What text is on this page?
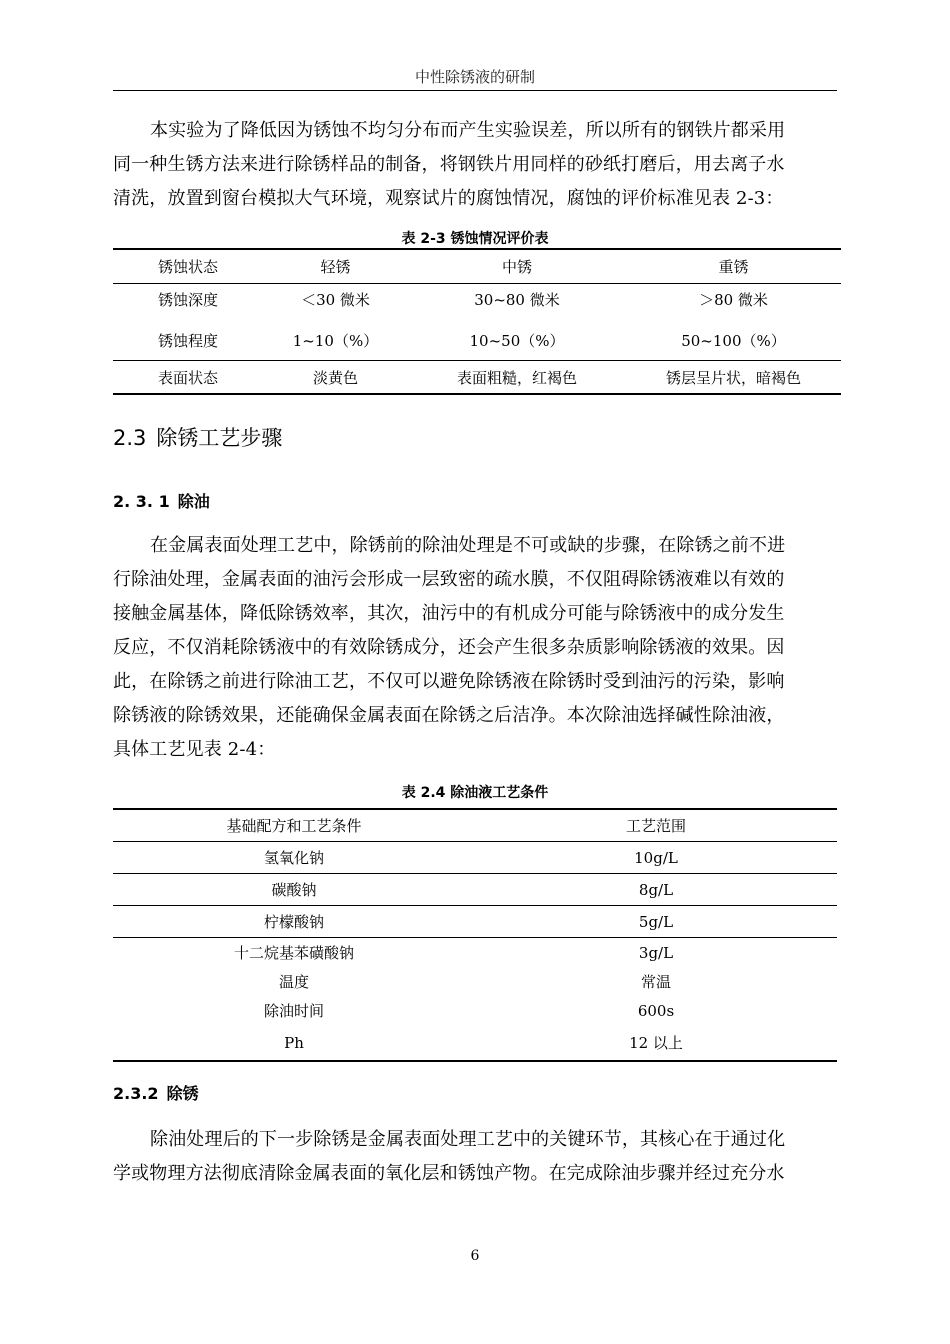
中性除锈液的研制

本实验为了降低因为锈蚀不均匀分布而产生实验误差，所以所有的钢铁片都采用
同一种生锈方法来进行除锈样品的制备，将钢铁片用同样的砂纸打磨后，用去离子水
清洗，放置到窗台模拟大气环境，观察试片的腐蚀情况，腐蚀的评价标准见表 2-3：

表 2-3 锈蚀情况评价表
锈蚀状态	轻锈	中锈	重锈
锈蚀深度	＜30 微米	30~80 微米	＞80 微米
锈蚀程度	1~10（%）	10~50（%）	50~100（%）
表面状态	淡黄色	表面粗糙，红褐色	锈层呈片状，暗褐色
2.3 除锈工艺步骤
2. 3. 1 除油

在金属表面处理工艺中，除锈前的除油处理是不可或缺的步骤，在除锈之前不进
行除油处理，金属表面的油污会形成一层致密的疏水膜，不仅阻碍除锈液难以有效的
接触金属基体，降低除锈效率，其次，油污中的有机成分可能与除锈液中的成分发生
反应，不仅消耗除锈液中的有效除锈成分，还会产生很多杂质影响除锈液的效果。因
此，在除锈之前进行除油工艺，不仅可以避免除锈液在除锈时受到油污的污染，影响
除锈液的除锈效果，还能确保金属表面在除锈之后洁净。本次除油选择碱性除油液，
具体工艺见表 2-4：

表 2.4 除油液工艺条件
基础配方和工艺条件	工艺范围
氢氧化钠	10g/L
碳酸钠	8g/L
柠檬酸钠	5g/L
十二烷基苯磺酸钠	3g/L
温度	常温
除油时间	600s
Ph	12 以上
2.3.2 除锈

除油处理后的下一步除锈是金属表面处理工艺中的关键环节，其核心在于通过化
学或物理方法彻底清除金属表面的氧化层和锈蚀产物。在完成除油步骤并经过充分水

6
